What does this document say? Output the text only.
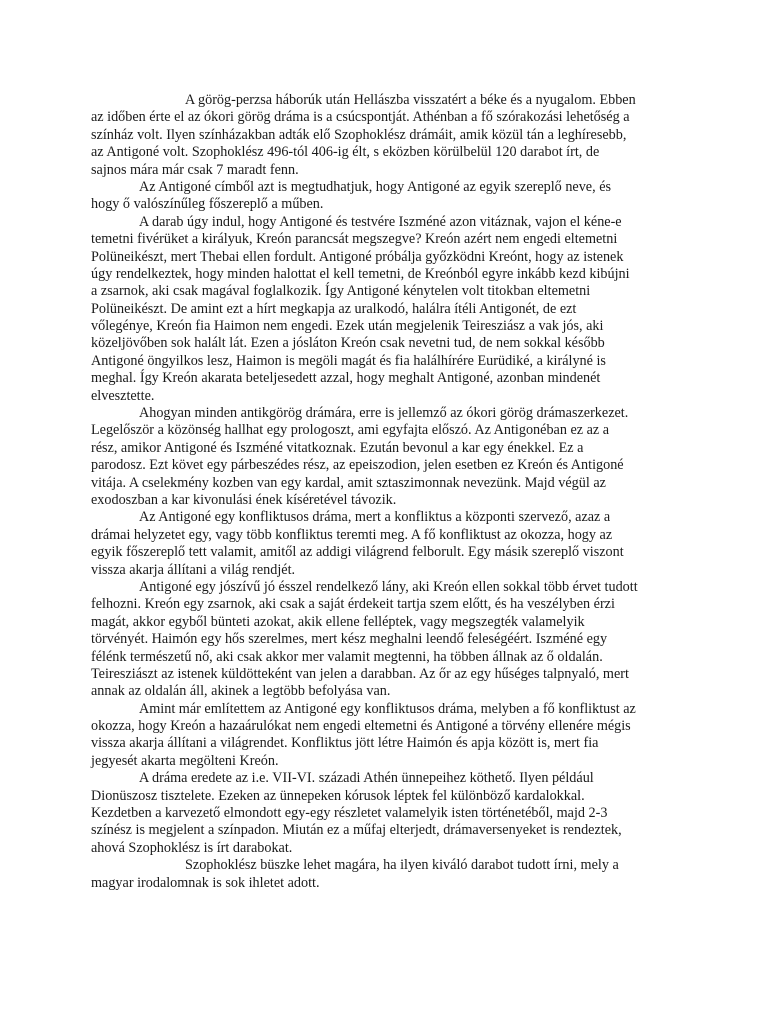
A görög-perzsa háborúk után Hellászba visszatért a béke és a nyugalom. Ebben
az időben érte el az ókori görög dráma is a csúcspontját. Athénban a fő szórakozási lehetőség a
színház volt. Ilyen színházakban adták elő Szophoklész drámáit, amik közül tán a leghíresebb,
az Antigoné volt. Szophoklész 496-tól 406-ig élt, s eközben körülbelül 120 darabot írt, de
sajnos mára már csak 7 maradt fenn.
Az Antigoné címből azt is megtudhatjuk, hogy Antigoné az egyik szereplő neve, és
hogy ő valószínűleg főszereplő a műben.
A darab úgy indul, hogy Antigoné és testvére Iszméné azon vitáznak, vajon el kéne-e
temetni fivérüket a királyuk, Kreón parancsát megszegve? Kreón azért nem engedi eltemetni
Polüneikészt, mert Thebai ellen fordult. Antigoné próbálja győzködni Kreónt, hogy az istenek
úgy rendelkeztek, hogy minden halottat el kell temetni, de Kreónból egyre inkább kezd kibújni
a zsarnok, aki csak magával foglalkozik. Így Antigoné kénytelen volt titokban eltemetni
Polüneikészt. De amint ezt a hírt megkapja az uralkodó, halálra ítéli Antigonét, de ezt
vőlegénye, Kreón fia Haimon nem engedi. Ezek után megjelenik Teiresziász a vak jós, aki
közeljövőben sok halált lát. Ezen a jósláton Kreón csak nevetni tud, de nem sokkal később
Antigoné öngyilkos lesz, Haimon is megöli magát és fia halálhírére Eurüdiké, a királyné is
meghal. Így Kreón akarata beteljesedett azzal, hogy meghalt Antigoné, azonban mindenét
elvesztette.
Ahogyan minden antikgörög drámára, erre is jellemző az ókori görög drámaszerkezet.
Legelőször a közönség hallhat egy prologoszt, ami egyfajta előszó. Az Antigonéban ez az a
rész, amikor Antigoné és Iszméné vitatkoznak. Ezután bevonul a kar egy énekkel. Ez a
parodosz. Ezt követ egy párbeszédes rész, az epeiszodion, jelen esetben ez Kreón és Antigoné
vitája. A cselekmény kozben van egy kardal, amit sztaszimonnak nevezünk. Majd végül az
exodoszban a kar kivonulási ének kíséretével távozik.
Az Antigoné egy konfliktusos dráma, mert a konfliktus a központi szervező, azaz a
drámai helyzetet egy, vagy több konfliktus teremti meg. A fő konfliktust az okozza, hogy az
egyik főszereplő tett valamit, amitől az addigi világrend felborult. Egy másik szereplő viszont
vissza akarja állítani a világ rendjét.
Antigoné egy jószívű jó ésszel rendelkező lány, aki Kreón ellen sokkal több érvet tudott
felhozni. Kreón egy zsarnok, aki csak a saját érdekeit tartja szem előtt, és ha veszélyben érzi
magát, akkor egyből bünteti azokat, akik ellene felléptek, vagy megszegték valamelyik
törvényét. Haimón egy hős szerelmes, mert kész meghalni leendő feleségéért. Iszméné egy
félénk természetű nő, aki csak akkor mer valamit megtenni, ha többen állnak az ő oldalán.
Teiresziászt az istenek küldötteként van jelen a darabban. Az őr az egy hűséges talpnyaló, mert
annak az oldalán áll, akinek a legtöbb befolyása van.
Amint már említettem az Antigoné egy konfliktusos dráma, melyben a fő konfliktust az
okozza, hogy Kreón a hazaárulókat nem engedi eltemetni és Antigoné a törvény ellenére mégis
vissza akarja állítani a világrendet. Konfliktus jött létre Haimón és apja között is, mert fia
jegyesét akarta megölteni Kreón.
A dráma eredete az i.e. VII-VI. századi Athén ünnepeihez köthető. Ilyen például
Dionüszosz tisztelete. Ezeken az ünnepeken kórusok léptek fel különböző kardalokkal.
Kezdetben a karvezető elmondott egy-egy részletet valamelyik isten történetéből, majd 2-3
színész is megjelent a színpadon. Miután ez a műfaj elterjedt, drámaversenyeket is rendeztek,
ahová Szophoklész is írt darabokat.
Szophoklész büszke lehet magára, ha ilyen kiváló darabot tudott írni, mely a
magyar irodalomnak is sok ihletet adott.
